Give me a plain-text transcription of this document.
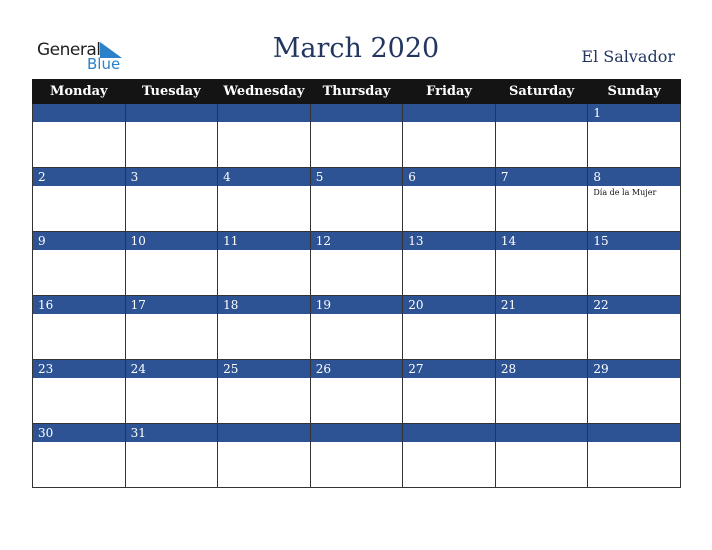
General
Blue	March 2020	El Salvador
Monday	Tuesday	Wednesday	Thursday	Friday	Saturday	Sunday

						1

2	3	4	5	6	7	8

						Día de la Mujer

9	10	11	12	13	14	15

16	17	18	19	20	21	22

23	24	25	26	27	28	29

30	31					
